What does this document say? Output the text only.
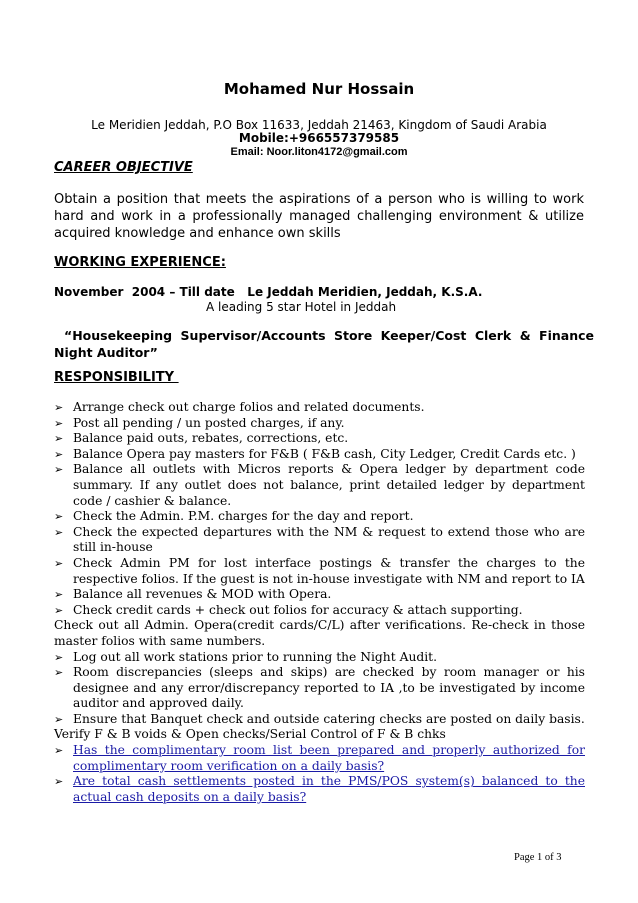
Mohamed Nur Hossain
Le Meridien Jeddah, P.O Box 11633, Jeddah 21463, Kingdom of Saudi Arabia
Mobile:+966557379585
Email: Noor.liton4172@gmail.com
CAREER OBJECTIVE
Obtain a position that meets the aspirations of a person who is willing to work hard and work in a professionally managed challenging environment & utilize acquired knowledge and enhance own skills
WORKING EXPERIENCE:
November  2004 – Till date   Le Jeddah Meridien, Jeddah, K.S.A.
A leading 5 star Hotel in Jeddah
“Housekeeping Supervisor/Accounts Store Keeper/Cost Clerk & Finance Night Auditor”
RESPONSIBILITY
➢ Arrange check out charge folios and related documents.
➢ Post all pending / un posted charges, if any.
➢ Balance paid outs, rebates, corrections, etc.
➢ Balance Opera pay masters for F&B ( F&B cash, City Ledger, Credit Cards etc. )
➢ Balance all outlets with Micros reports & Opera ledger by department code summary. If any outlet does not balance, print detailed ledger by department code / cashier & balance.
➢ Check the Admin. P.M. charges for the day and report.
➢ Check the expected departures with the NM & request to extend those who are still in-house
➢ Check Admin PM for lost interface postings & transfer the charges to the respective folios. If the guest is not in-house investigate with NM and report to IA
➢ Balance all revenues & MOD with Opera.
➢ Check credit cards + check out folios for accuracy & attach supporting.
Check out all Admin. Opera(credit cards/C/L) after verifications. Re-check in those master folios with same numbers.
➢ Log out all work stations prior to running the Night Audit.
➢ Room discrepancies (sleeps and skips) are checked by room manager or his designee and any error/discrepancy reported to IA ,to be investigated by income auditor and approved daily.
➢ Ensure that Banquet check and outside catering checks are posted on daily basis.
Verify F & B voids & Open checks/Serial Control of F & B chks
➢ Has the complimentary room list been prepared and properly authorized for complimentary room verification on a daily basis?
➢ Are total cash settlements posted in the PMS/POS system(s) balanced to the actual cash deposits on a daily basis?
Page 1 of 3
